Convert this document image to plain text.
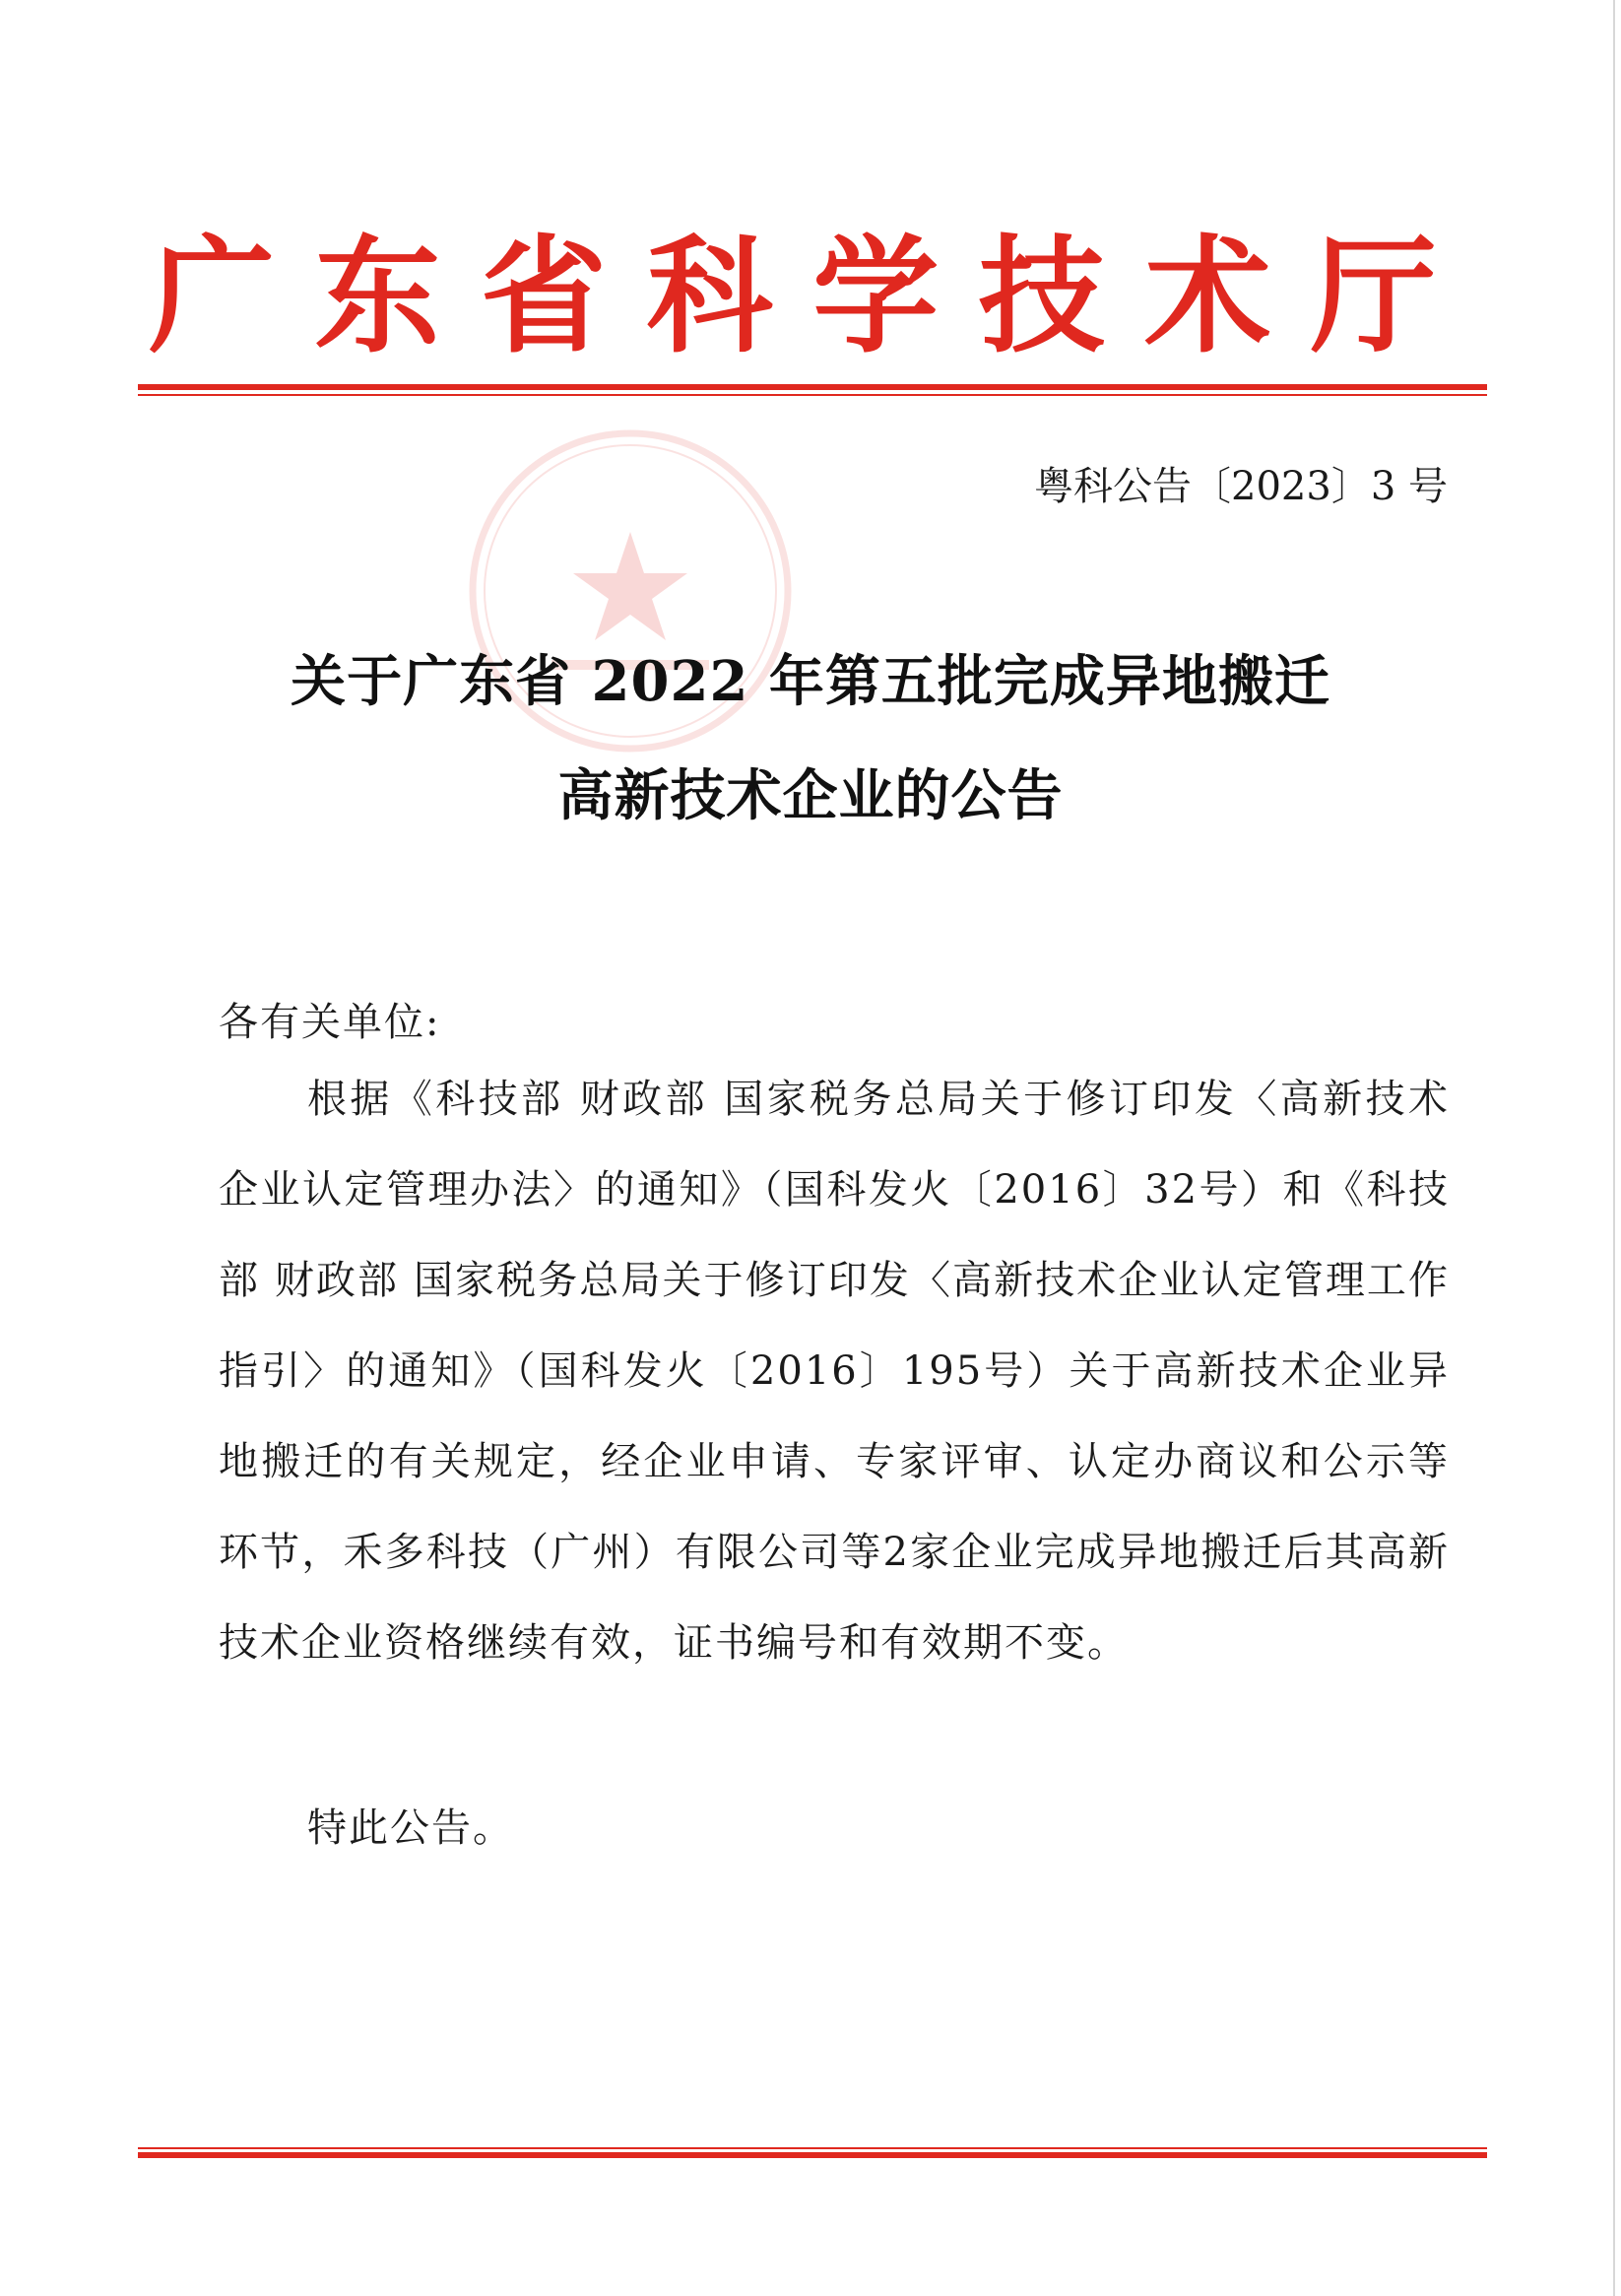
广 东 省 科 学 技 术 厅
粤科公告〔2023〕3 号
关于广东省 2022 年第五批完成异地搬迁
高新技术企业的公告
各有关单位:
根据《科技部 财政部 国家税务总局关于修订印发〈高新技术企业认定管理办法〉的通知》（国科发火〔2016〕32号）和《科技部 财政部 国家税务总局关于修订印发〈高新技术企业认定管理工作指引〉的通知》（国科发火〔2016〕195号）关于高新技术企业异地搬迁的有关规定，经企业申请、专家评审、认定办商议和公示等环节，禾多科技（广州）有限公司等2家企业完成异地搬迁后其高新技术企业资格继续有效，证书编号和有效期不变。
特此公告。
